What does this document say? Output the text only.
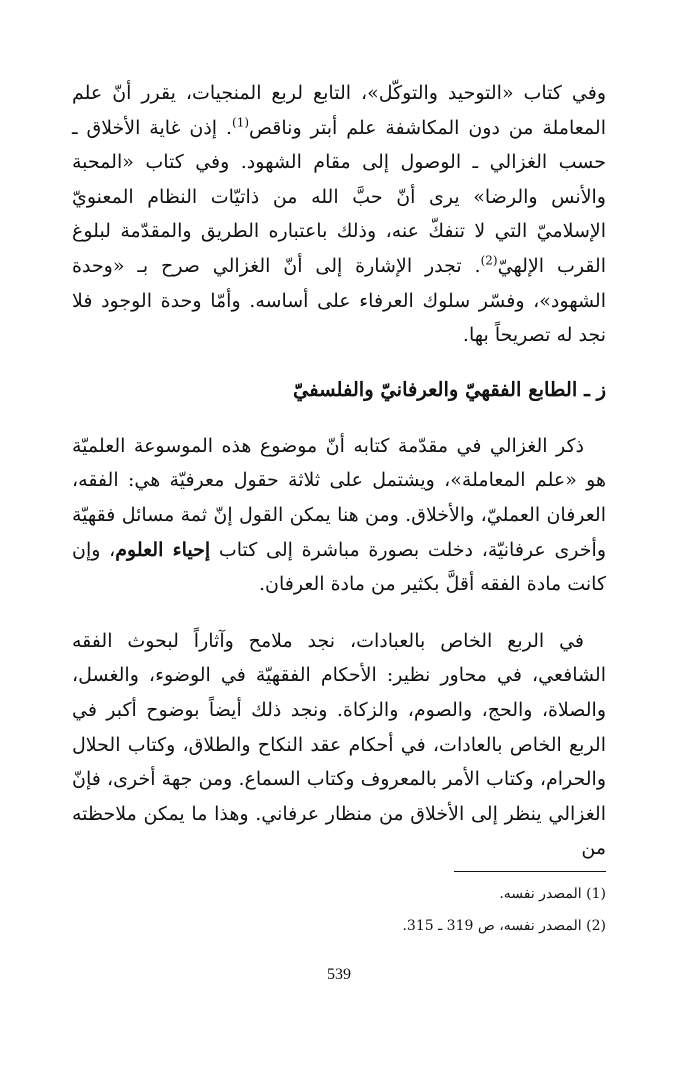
وفي كتاب «التوحيد والتوكّل»، التابع لربع المنجيات، يقرر أنّ علم المعاملة من دون المكاشفة علم أبتر وناقص$^{(1)}$. إذن غاية الأخلاق ـ حسب الغزالي ـ الوصول إلى مقام الشهود. وفي كتاب «المحبة والأنس والرضا» يرى أنّ حبَّ الله من ذاتيّات النظام المعنويّ الإسلاميّ التي لا تنفكّ عنه، وذلك باعتباره الطريق والمقدّمة لبلوغ القرب الإلهيّ$^{(2)}$. تجدر الإشارة إلى أنّ الغزالي صرح بـ «وحدة الشهود»، وفسّر سلوك العرفاء على أساسه. وأمّا وحدة الوجود فلا نجد له تصريحاً بها.

ز ـ الطابع الفقهيّ والعرفانيّ والفلسفيّ

ذكر الغزالي في مقدّمة كتابه أنّ موضوع هذه الموسوعة العلميّة هو «علم المعاملة»، ويشتمل على ثلاثة حقول معرفيّة هي: الفقه، العرفان العمليّ، والأخلاق. ومن هنا يمكن القول إنّ ثمة مسائل فقهيّة وأخرى عرفانيّة، دخلت بصورة مباشرة إلى كتاب إحياء العلوم، وإن كانت مادة الفقه أقلَّ بكثير من مادة العرفان.

في الربع الخاص بالعبادات، نجد ملامح وآثاراً لبحوث الفقه الشافعي، في محاور نظير: الأحكام الفقهيّة في الوضوء، والغسل، والصلاة، والحج، والصوم، والزكاة. ونجد ذلك أيضاً بوضوح أكبر في الربع الخاص بالعادات، في أحكام عقد النكاح والطلاق، وكتاب الحلال والحرام، وكتاب الأمر بالمعروف وكتاب السماع. ومن جهة أخرى، فإنّ الغزالي ينظر إلى الأخلاق من منظار عرفاني. وهذا ما يمكن ملاحظته من

(1) المصدر نفسه.

(2) المصدر نفسه، ص 319 ـ 315.

539
